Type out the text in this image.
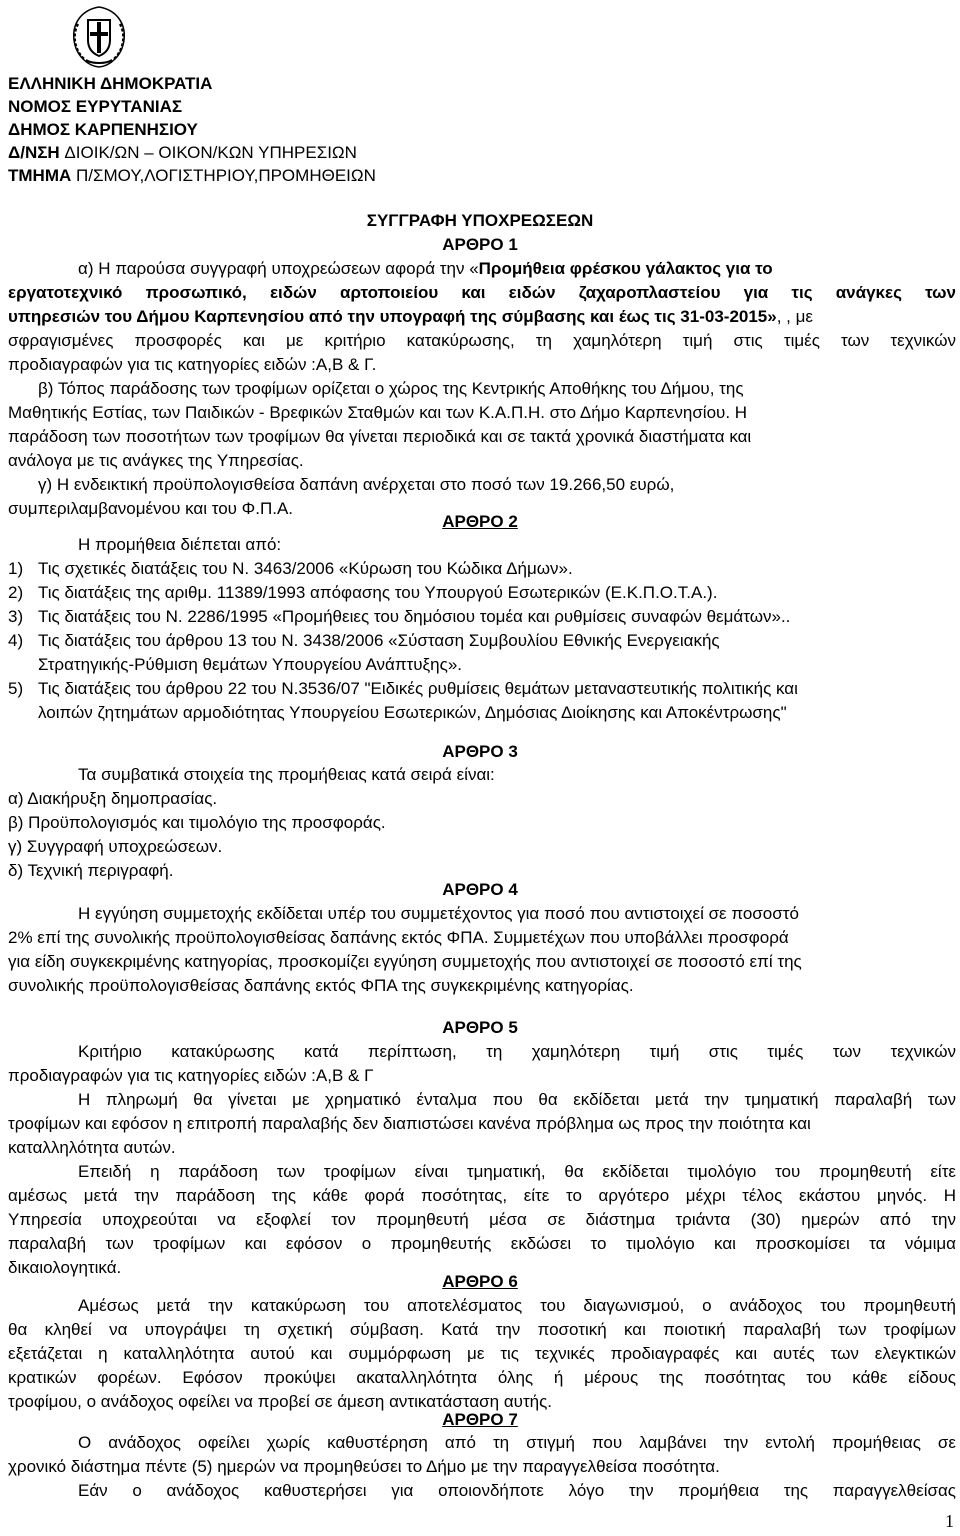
ΕΛΛΗΝΙΚΗ ΔΗΜΟΚΡΑΤΙΑ
ΝΟΜΟΣ ΕΥΡΥΤΑΝΙΑΣ
ΔΗΜΟΣ ΚΑΡΠΕΝΗΣΙΟΥ
Δ/ΝΣΗ ΔΙΟΙΚ/ΩΝ – ΟΙΚΟΝ/ΚΩΝ ΥΠΗΡΕΣΙΩΝ
ΤΜΗΜΑ Π/ΣΜΟΥ,ΛΟΓΙΣΤΗΡΙΟΥ,ΠΡΟΜΗΘΕΙΩΝ
ΣΥΓΓΡΑΦΗ ΥΠΟΧΡΕΩΣΕΩΝ
ΑΡΘΡΟ 1
α) Η παρούσα συγγραφή υποχρεώσεων αφορά την «Προμήθεια φρέσκου γάλακτος για το
εργατοτεχνικό προσωπικό, ειδών αρτοποιείου και ειδών ζαχαροπλαστείου για τις ανάγκες των
υπηρεσιών του Δήμου Καρπενησίου από την υπογραφή της σύμβασης και έως τις 31-03-2015», , με
σφραγισμένες προσφορές και με κριτήριο κατακύρωσης, τη χαμηλότερη τιμή στις τιμές των τεχνικών
προδιαγραφών για τις κατηγορίες ειδών :Α,Β & Γ.
β) Τόπος παράδοσης των τροφίμων ορίζεται ο χώρος της Κεντρικής Αποθήκης του Δήμου, της
Μαθητικής Εστίας, των Παιδικών - Βρεφικών Σταθμών και των Κ.Α.Π.Η. στο Δήμο Καρπενησίου. Η
παράδοση των ποσοτήτων των τροφίμων θα γίνεται περιοδικά και σε τακτά χρονικά διαστήματα και
ανάλογα με τις ανάγκες της Υπηρεσίας.
γ) Η ενδεικτική προϋπολογισθείσα δαπάνη ανέρχεται στο ποσό των 19.266,50 ευρώ,
συμπεριλαμβανομένου και του Φ.Π.Α.
ΑΡΘΡΟ 2
Η προμήθεια διέπεται από:
1) Τις σχετικές διατάξεις του Ν. 3463/2006 «Κύρωση του Κώδικα Δήμων».
2) Τις διατάξεις της αριθμ. 11389/1993 απόφασης του Υπουργού Εσωτερικών (Ε.Κ.Π.Ο.Τ.Α.).
3) Τις διατάξεις του Ν. 2286/1995 «Προμήθειες του δημόσιου τομέα και ρυθμίσεις συναφών θεμάτων»..
4) Τις διατάξεις του άρθρου 13 του Ν. 3438/2006 «Σύσταση Συμβουλίου Εθνικής Ενεργειακής
Στρατηγικής-Ρύθμιση θεμάτων Υπουργείου Ανάπτυξης».
5) Τις διατάξεις του άρθρου 22 του Ν.3536/07 "Ειδικές ρυθμίσεις θεμάτων μεταναστευτικής πολιτικής και
λοιπών ζητημάτων αρμοδιότητας Υπουργείου Εσωτερικών, Δημόσιας Διοίκησης και Αποκέντρωσης"
ΑΡΘΡΟ 3
Τα συμβατικά στοιχεία της προμήθειας κατά σειρά είναι:
α) Διακήρυξη δημοπρασίας.
β) Προϋπολογισμός και τιμολόγιο της προσφοράς.
γ) Συγγραφή υποχρεώσεων.
δ) Τεχνική περιγραφή.
ΑΡΘΡΟ 4
Η εγγύηση συμμετοχής εκδίδεται υπέρ του συμμετέχοντος για ποσό που αντιστοιχεί σε ποσοστό
2% επί της συνολικής προϋπολογισθείσας δαπάνης εκτός ΦΠΑ. Συμμετέχων που υποβάλλει προσφορά
για είδη συγκεκριμένης κατηγορίας, προσκομίζει εγγύηση συμμετοχής που αντιστοιχεί σε ποσοστό επί της
συνολικής προϋπολογισθείσας δαπάνης εκτός ΦΠΑ της συγκεκριμένης κατηγορίας.
ΑΡΘΡΟ 5
Κριτήριο κατακύρωσης κατά περίπτωση, τη χαμηλότερη τιμή στις τιμές των τεχνικών
προδιαγραφών για τις κατηγορίες ειδών :Α,Β & Γ
Η πληρωμή θα γίνεται με χρηματικό ένταλμα που θα εκδίδεται μετά την τμηματική παραλαβή των
τροφίμων και εφόσον η επιτροπή παραλαβής δεν διαπιστώσει κανένα πρόβλημα ως προς την ποιότητα και
καταλληλότητα αυτών.
Επειδή η παράδοση των τροφίμων είναι τμηματική, θα εκδίδεται τιμολόγιο του προμηθευτή είτε
αμέσως μετά την παράδοση της κάθε φορά ποσότητας, είτε το αργότερο μέχρι τέλος εκάστου μηνός. Η
Υπηρεσία υποχρεούται να εξοφλεί τον προμηθευτή μέσα σε διάστημα τριάντα (30) ημερών από την
παραλαβή των τροφίμων και εφόσον ο προμηθευτής εκδώσει το τιμολόγιο και προσκομίσει τα νόμιμα
δικαιολογητικά.
ΑΡΘΡΟ 6
Αμέσως μετά την κατακύρωση του αποτελέσματος του διαγωνισμού, ο ανάδοχος του προμηθευτή
θα κληθεί να υπογράψει τη σχετική σύμβαση. Κατά την ποσοτική και ποιοτική παραλαβή των τροφίμων
εξετάζεται η καταλληλότητα αυτού και συμμόρφωση με τις τεχνικές προδιαγραφές και αυτές των ελεγκτικών
κρατικών φορέων. Εφόσον προκύψει ακαταλληλότητα όλης ή μέρους της ποσότητας του κάθε είδους
τροφίμου, ο ανάδοχος οφείλει να προβεί σε άμεση αντικατάσταση αυτής.
ΑΡΘΡΟ 7
Ο ανάδοχος οφείλει χωρίς καθυστέρηση από τη στιγμή που λαμβάνει την εντολή προμήθειας σε
χρονικό διάστημα πέντε (5) ημερών να προμηθεύσει το Δήμο με την παραγγελθείσα ποσότητα.
Εάν ο ανάδοχος καθυστερήσει για οποιονδήποτε λόγο την προμήθεια της παραγγελθείσας
1
